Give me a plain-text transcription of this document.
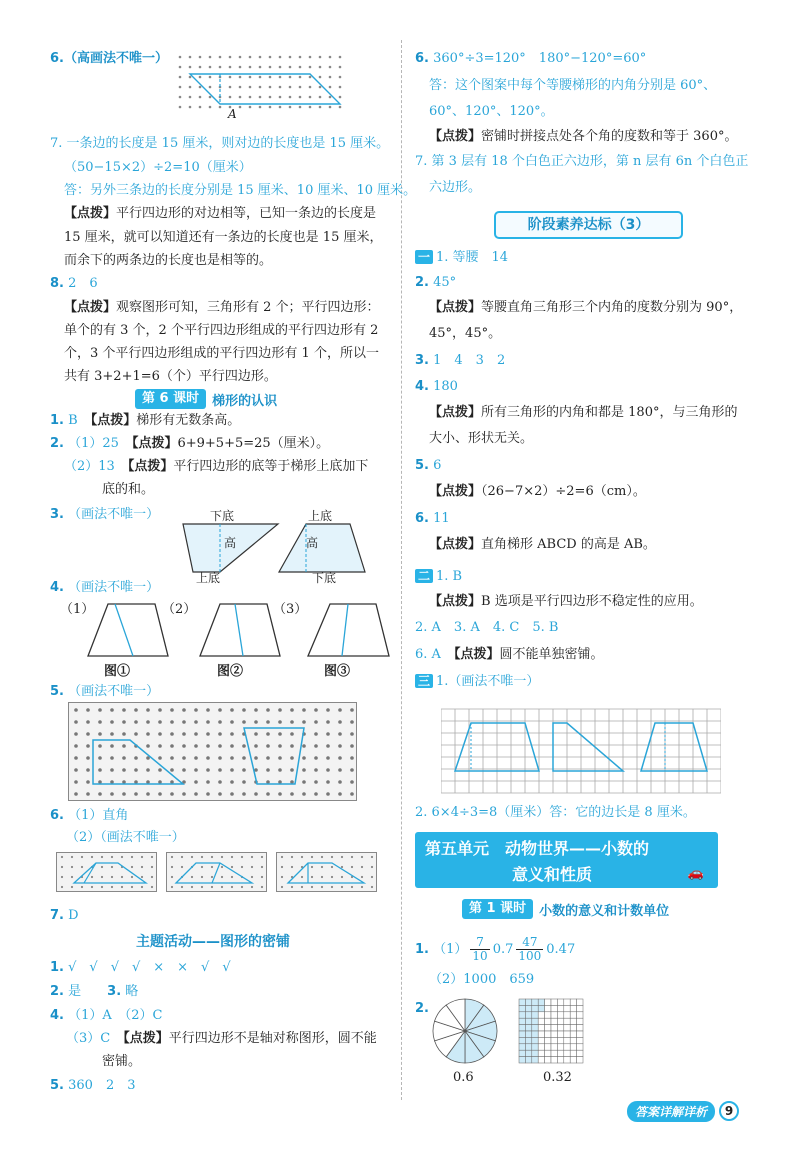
6.（高画法不唯一）
A
7. 一条边的长度是 15 厘米，则对边的长度也是 15 厘米。
（50−15×2）÷2=10（厘米）
答：另外三条边的长度分别是 15 厘米、10 厘米、10 厘米。
【点拨】平行四边形的对边相等，已知一条边的长度是
15 厘米，就可以知道还有一条边的长度也是 15 厘米，
而余下的两条边的长度也是相等的。
8. 2　6
【点拨】观察图形可知，三角形有 2 个；平行四边形：
单个的有 3 个，2 个平行四边形组成的平行四边形有 2
个，3 个平行四边形组成的平行四边形有 1 个，所以一
共有 3+2+1=6（个）平行四边形。
第 6 课时	梯形的认识
1. B　 【点拨】梯形有无数条高。
2. （1）25　 【点拨】6+9+5+5=25（厘米）。
（2）13　 【点拨】平行四边形的底等于梯形上底加下
底的和。
3. （画法不唯一）	下底
高
上底
上底
高
下底
4. （画法不唯一）
（1）	（2）	（3）
图①	图②	图③
5. （画法不唯一）
6. （1）直角
（2）（画法不唯一）
7. D
主题活动——图形的密铺
1. √　√　√　√　×　×　√　√
2. 是　　 3. 略
4. （1）A　（2）C
（3）C　 【点拨】平行四边形不是轴对称图形，圆不能
密铺。
5. 360　2　3
6. 360°÷3=120°　180°−120°=60°
答：这个图案中每个等腰梯形的内角分别是 60°、
60°、120°、120°。
【点拨】密铺时拼接点处各个角的度数和等于 360°。
7. 第 3 层有 18 个白色正六边形，第 n 层有 6n 个白色正
六边形。
阶段素养达标（3）
一 1. 等腰　14
2. 45°
【点拨】等腰直角三角形三个内角的度数分别为 90°，
45°，45°。
3. 1　4　3　2
4. 180
【点拨】所有三角形的内角和都是 180°，与三角形的
大小、形状无关。
5. 6
【点拨】（26−7×2）÷2=6（cm）。
6. 11
【点拨】直角梯形 ABCD 的高是 AB。
二 1. B
【点拨】B 选项是平行四边形不稳定性的应用。
2. A　3. A　4. C　5. B
6. A　 【点拨】圆不能单独密铺。
三 1.（画法不唯一）
2. 6×4÷3=8（厘米）答：它的边长是 8 厘米。
第五单元　动物世界——小数的
意义和性质	🚗
第 1 课时	小数的意义和计数单位
1. $(1) \frac{7}{10} 0.7 \frac{47}{100} 0.47$
（2）1000　659
2.
0.6	0.32
答案详解详析	9
